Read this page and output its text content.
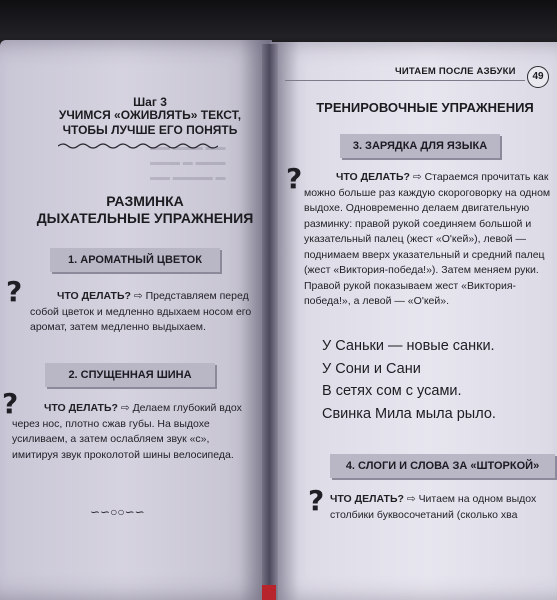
▬▬ ▬▬▬ ▬▬
▬▬▬ ▬ ▬▬▬
▬▬ ▬▬▬▬ ▬
Шаг 3
УЧИМСЯ «ОЖИВЛЯТЬ» ТЕКСТ,
ЧТОБЫ ЛУЧШЕ ЕГО ПОНЯТЬ
РАЗМИНКА
ДЫХАТЕЛЬНЫЕ УПРАЖНЕНИЯ
1. АРОМАТНЫЙ ЦВЕТОК
?	ЧТО ДЕЛАТЬ? ⇨ Представляем перед собой цветок и медленно вдыхаем носом его аромат, затем медленно выдыхаем.
2. СПУЩЕННАЯ ШИНА
?	ЧТО ДЕЛАТЬ? ⇨ Делаем глубокий вдох через нос, плотно сжав губы. На выдохе усиливаем, а затем ослабляем звук «с», имитируя звук проколотой шины велосипеда.
∽∽○○∽∽
ЧИТАЕМ ПОСЛЕ АЗБУКИ	49
ТРЕНИРОВОЧНЫЕ УПРАЖНЕНИЯ
3. ЗАРЯДКА ДЛЯ ЯЗЫКА
?	ЧТО ДЕЛАТЬ? ⇨ Стараемся прочитать как можно больше раз каждую скороговорку на одном выдохе. Одновременно делаем двигательную разминку: правой рукой соединяем большой и указательный палец (жест «О'кей»), левой — поднимаем вверх указательный и средний палец (жест «Виктория-победа!»). Затем меняем руки. Правой рукой показываем жест «Виктория-победа!», а левой — «О'кей».
У Саньки — новые санки.
У Сони и Сани
В сетях сом с усами.
Свинка Мила мыла рыло.
4. СЛОГИ И СЛОВА ЗА «ШТОРКОЙ»
? ЧТО ДЕЛАТЬ? ⇨ Читаем на одном выдох столбики буквосочетаний (сколько хва
